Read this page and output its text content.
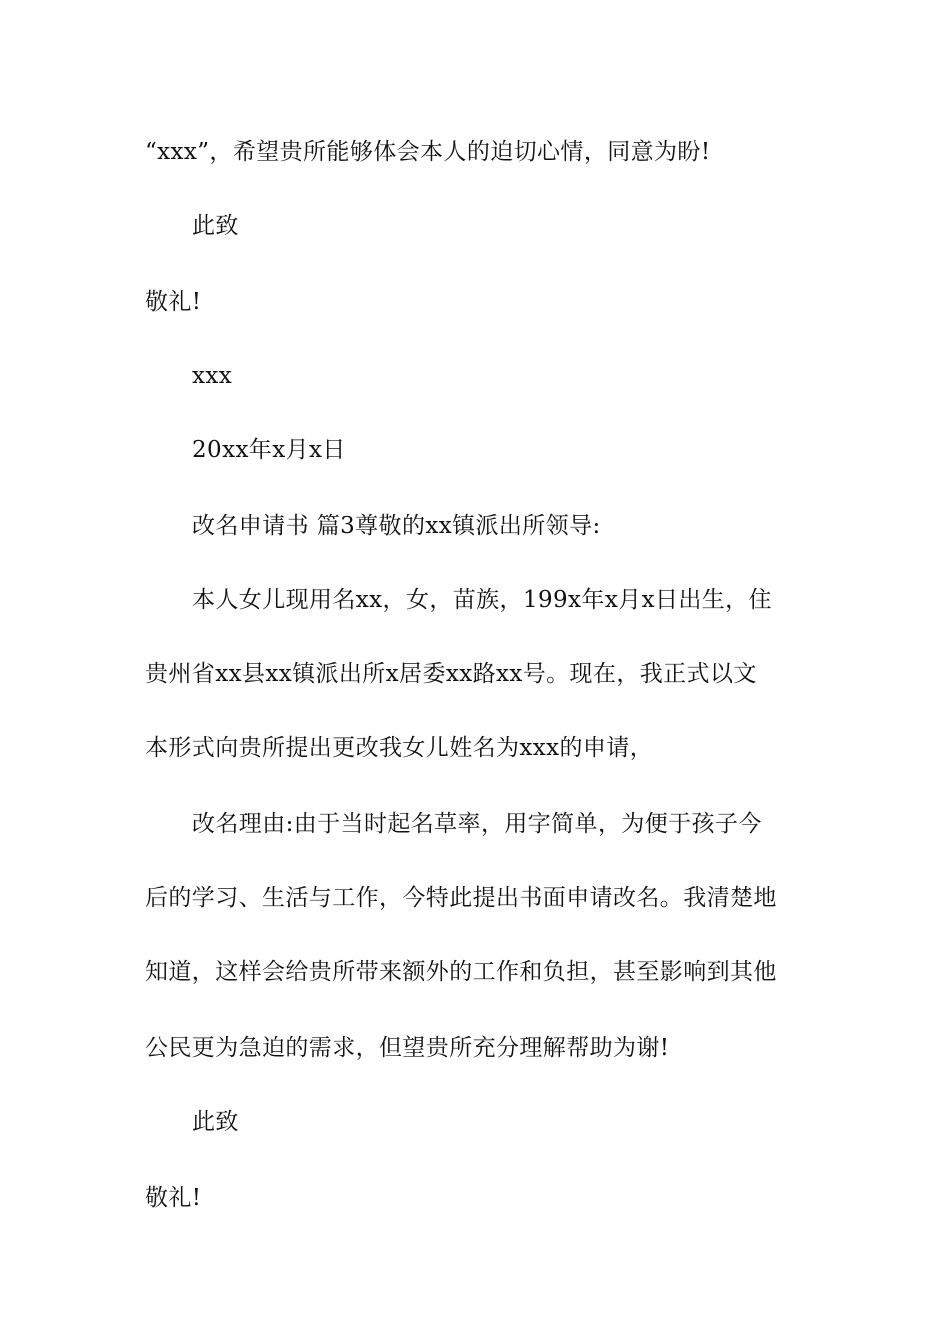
“xxx”，希望贵所能够体会本人的迫切心情，同意为盼!
此致
敬礼!
xxx
20xx年x月x日
改名申请书 篇3尊敬的xx镇派出所领导:
本人女儿现用名xx，女，苗族，199x年x月x日出生，住
贵州省xx县xx镇派出所x居委xx路xx号。现在，我正式以文
本形式向贵所提出更改我女儿姓名为xxx的申请，
改名理由:由于当时起名草率，用字简单，为便于孩子今
后的学习、生活与工作，今特此提出书面申请改名。我清楚地
知道，这样会给贵所带来额外的工作和负担，甚至影响到其他
公民更为急迫的需求，但望贵所充分理解帮助为谢!
此致
敬礼!
